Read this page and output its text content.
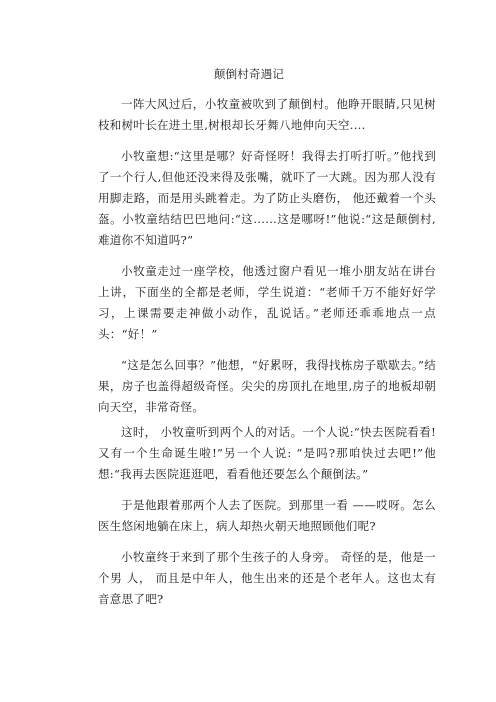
颠倒村奇遇记

一阵大风过后，小牧童被吹到了颠倒村。他睁开眼睛,只见树枝和树叶长在进土里,树根却长牙舞八地伸向天空....

小牧童想:“这里是哪？好奇怪呀！我得去打听打听。”他找到了一个行人,但他还没来得及张嘴，就吓了一大跳。因为那人没有用脚走路，而是用头跳着走。为了防止头磨伤， 他还戴着一个头盔。小牧童结结巴巴地问:“这......这是哪呀!”他说:“这是颠倒村,难道你不知道吗?”

小牧童走过一座学校，他透过窗户看见一堆小朋友站在讲台上讲，下面坐的全都是老师，学生说道：“老师千万不能好好学习，上课需要走神做小动作，乱说话。”老师还乖乖地点一点头：“好！”

“这是怎么回事？”他想，“好累呀，我得找栋房子歇歇去。”结果，房子也盖得超级奇怪。尖尖的房顶扎在地里,房子的地板却朝向天空，非常奇怪。

这时， 小牧童听到两个人的对话。一个人说:“快去医院看看!又有一个生命诞生啦!”另一个人说: “是吗?那咱快过去吧!”他想:“我再去医院逛逛吧，看看他还要怎么个颠倒法。”

于是他跟着那两个人去了医院。到那里一看 ——哎呀。怎么医生悠闲地躺在床上，病人却热火朝天地照顾他们呢?

小牧童终于来到了那个生孩子的人身旁。 奇怪的是，他是一个男 人， 而且是中年人，他生出来的还是个老年人。这也太有音意思了吧?
